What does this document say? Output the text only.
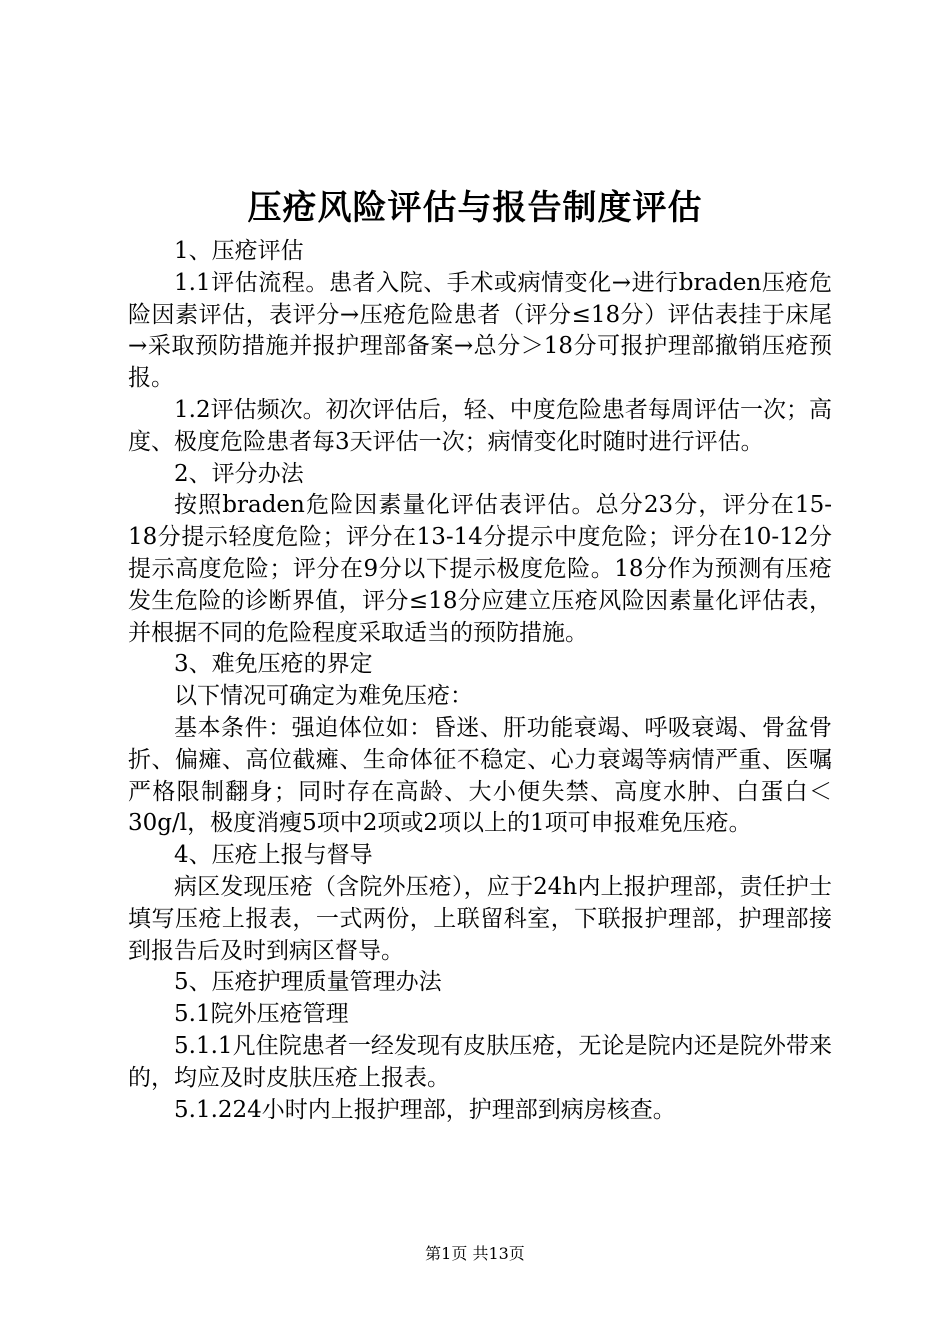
压疮风险评估与报告制度评估

1、压疮评估

1.1评估流程。患者入院、手术或病情变化→进行braden压疮危险因素评估，表评分→压疮危险患者（评分≤18分）评估表挂于床尾→采取预防措施并报护理部备案→总分＞18分可报护理部撤销压疮预报。

1.2评估频次。初次评估后，轻、中度危险患者每周评估一次；高度、极度危险患者每3天评估一次；病情变化时随时进行评估。

2、评分办法

按照braden危险因素量化评估表评估。总分23分，评分在15-18分提示轻度危险；评分在13-14分提示中度危险；评分在10-12分提示高度危险；评分在9分以下提示极度危险。18分作为预测有压疮发生危险的诊断界值，评分≤18分应建立压疮风险因素量化评估表，并根据不同的危险程度采取适当的预防措施。

3、难免压疮的界定

以下情况可确定为难免压疮：

基本条件：强迫体位如：昏迷、肝功能衰竭、呼吸衰竭、骨盆骨折、偏瘫、高位截瘫、生命体征不稳定、心力衰竭等病情严重、医嘱严格限制翻身；同时存在高龄、大小便失禁、高度水肿、白蛋白＜30g/l，极度消瘦5项中2项或2项以上的1项可申报难免压疮。

4、压疮上报与督导

病区发现压疮（含院外压疮），应于24h内上报护理部，责任护士填写压疮上报表，一式两份，上联留科室，下联报护理部，护理部接到报告后及时到病区督导。

5、压疮护理质量管理办法

5.1院外压疮管理

5.1.1凡住院患者一经发现有皮肤压疮，无论是院内还是院外带来的，均应及时皮肤压疮上报表。

5.1.224小时内上报护理部，护理部到病房核查。

第1页 共13页
